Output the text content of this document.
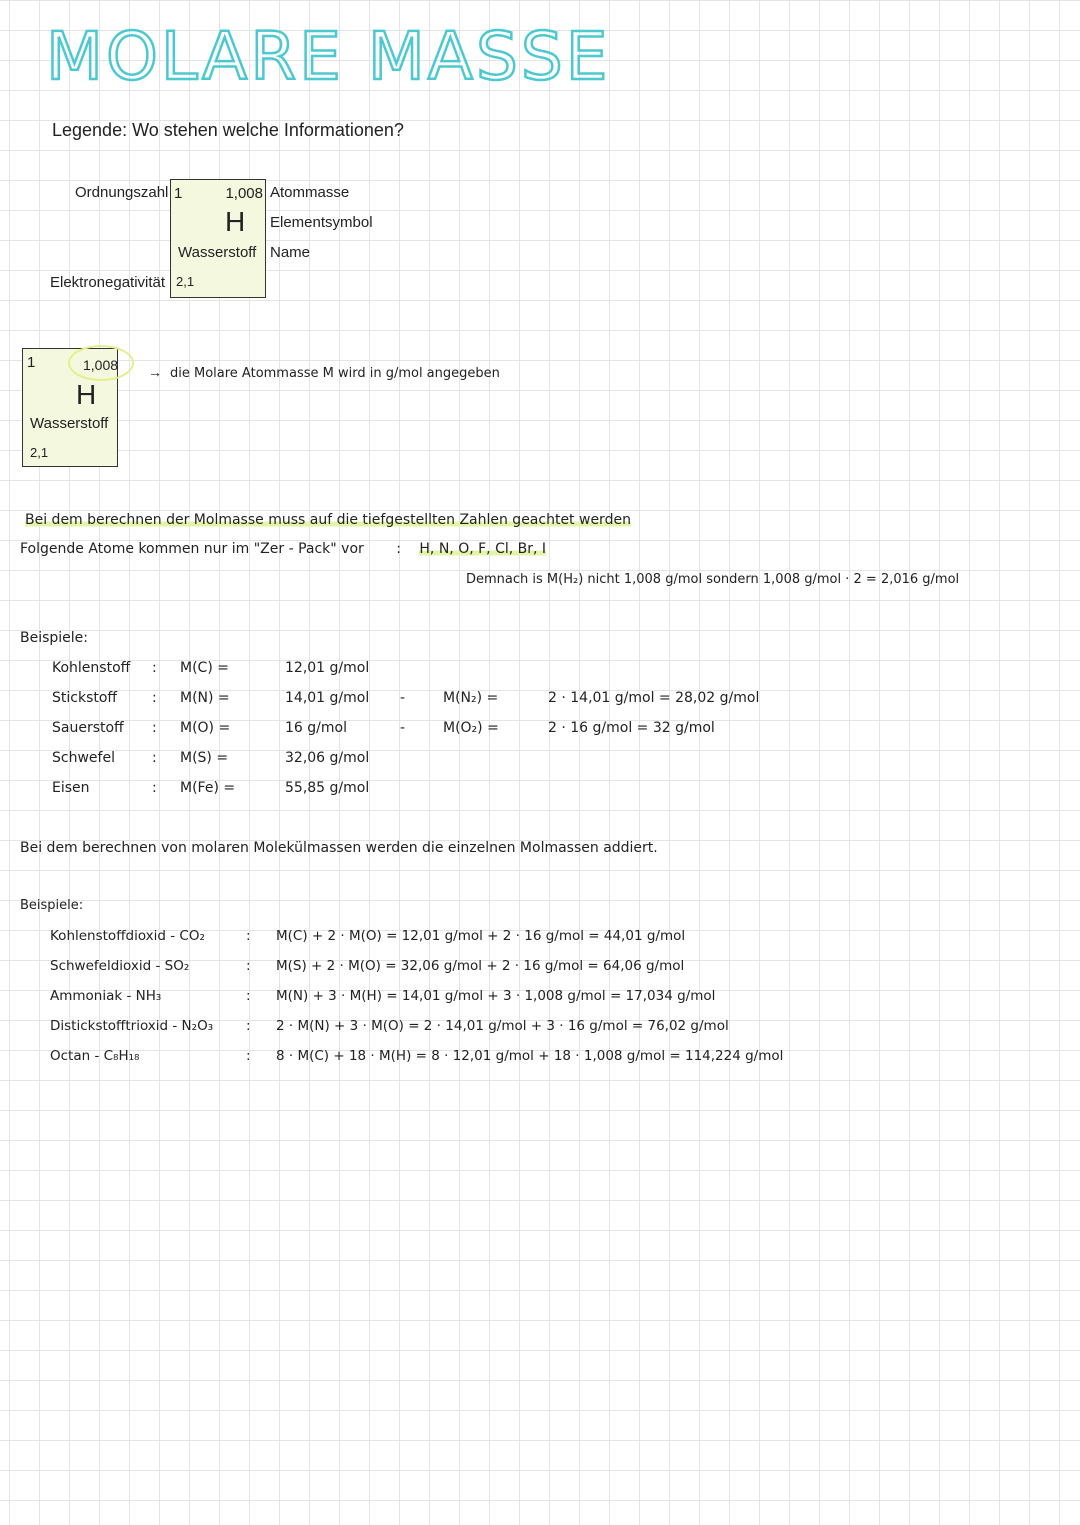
MOLARE MASSE
Legende: Wo stehen welche Informationen?
1	1,008
H
Wasserstoff
2,1
Ordnungszahl	Atommasse
Elementsymbol
Name
Elektronegativität
1	1,008
H
Wasserstoff
2,1
→ die Molare Atommasse M wird in g/mol angegeben
Bei dem berechnen der Molmasse muss auf die tiefgestellten Zahlen geachtet werden
Folgende Atome kommen nur im "Zer - Pack" vor : H, N, O, F, Cl, Br, I
Demnach is M(H₂) nicht 1,008 g/mol sondern 1,008 g/mol · 2 = 2,016 g/mol
Beispiele:
Kohlenstoff : M(C) =	12,01 g/mol
Stickstoff : M(N) =	14,01 g/mol -	M(N₂) =	2 · 14,01 g/mol = 28,02 g/mol
Sauerstoff : M(O) =	16 g/mol	-	M(O₂) =	2 · 16 g/mol = 32 g/mol
Schwefel	: M(S) =	32,06 g/mol
Eisen	: M(Fe) =	55,85 g/mol
Bei dem berechnen von molaren Molekülmassen werden die einzelnen Molmassen addiert.
Beispiele:
Kohlenstoffdioxid - CO₂	: M(C) + 2 · M(O) = 12,01 g/mol + 2 · 16 g/mol = 44,01 g/mol
Schwefeldioxid - SO₂	: M(S) + 2 · M(O) = 32,06 g/mol + 2 · 16 g/mol = 64,06 g/mol
Ammoniak - NH₃	: M(N) + 3 · M(H) = 14,01 g/mol + 3 · 1,008 g/mol = 17,034 g/mol
Distickstofftrioxid - N₂O₃ : 2 · M(N) + 3 · M(O) = 2 · 14,01 g/mol + 3 · 16 g/mol = 76,02 g/mol
Octan - C₈H₁₈	: 8 · M(C) + 18 · M(H) = 8 · 12,01 g/mol + 18 · 1,008 g/mol = 114,224 g/mol
